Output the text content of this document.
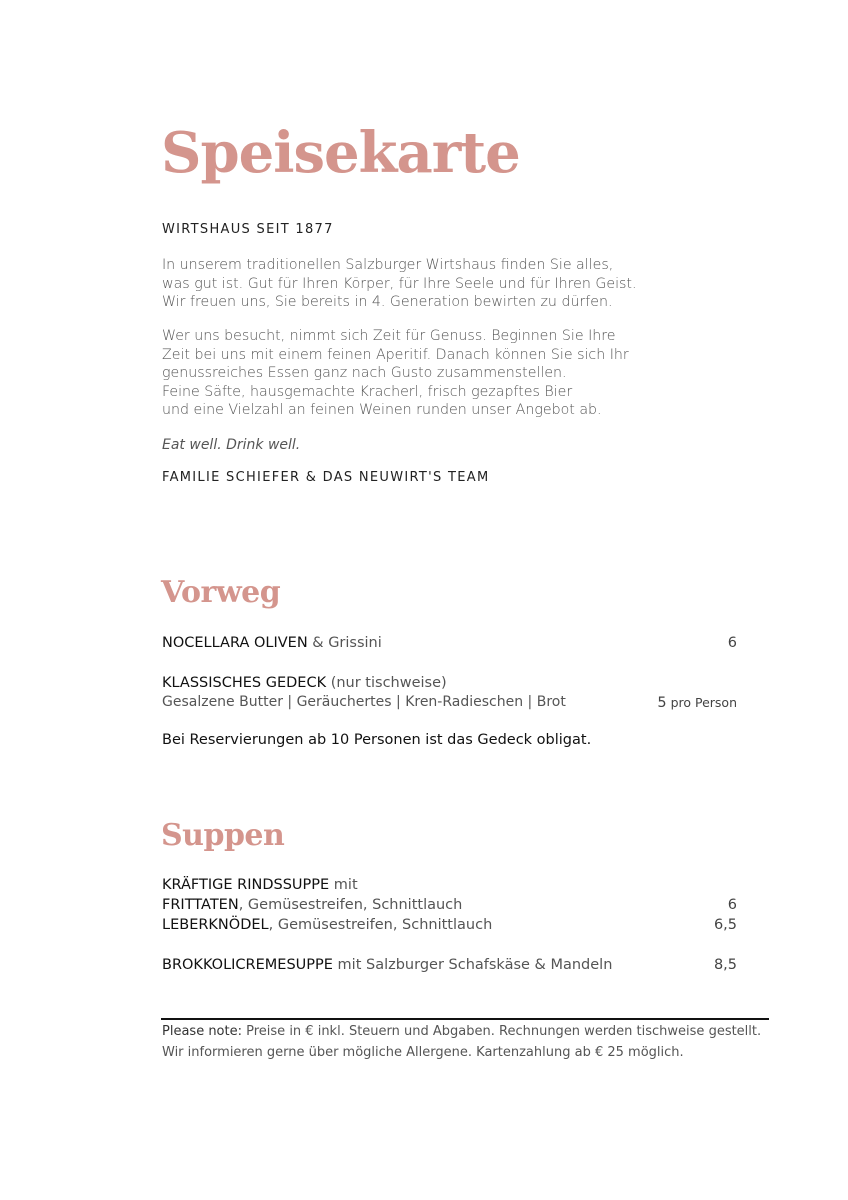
Speisekarte

WIRTSHAUS SEIT 1877

In unserem traditionellen Salzburger Wirtshaus finden Sie alles,
was gut ist. Gut für Ihren Körper, für Ihre Seele und für Ihren Geist.
Wir freuen uns, Sie bereits in 4. Generation bewirten zu dürfen.

Wer uns besucht, nimmt sich Zeit für Genuss. Beginnen Sie Ihre
Zeit bei uns mit einem feinen Aperitif. Danach können Sie sich Ihr
genussreiches Essen ganz nach Gusto zusammenstellen.
Feine Säfte, hausgemachte Kracherl, frisch gezapftes Bier
und eine Vielzahl an feinen Weinen runden unser Angebot ab.

Eat well. Drink well.

FAMILIE SCHIEFER & DAS NEUWIRT'S TEAM

Vorweg

NOCELLARA OLIVEN & Grissini	6

KLASSISCHES GEDECK (nur tischweise)

Gesalzene Butter | Geräuchertes | Kren-Radieschen | Brot	5 pro Person

Bei Reservierungen ab 10 Personen ist das Gedeck obligat.

Suppen

KRÄFTIGE RINDSSUPPE mit

FRITTATEN, Gemüsestreifen, Schnittlauch	6

LEBERKNÖDEL, Gemüsestreifen, Schnittlauch	6,5

BROKKOLICREMESUPPE mit Salzburger Schafskäse & Mandeln	8,5

Please note: Preise in € inkl. Steuern und Abgaben. Rechnungen werden tischweise gestellt.

Wir informieren gerne über mögliche Allergene. Kartenzahlung ab € 25 möglich.
